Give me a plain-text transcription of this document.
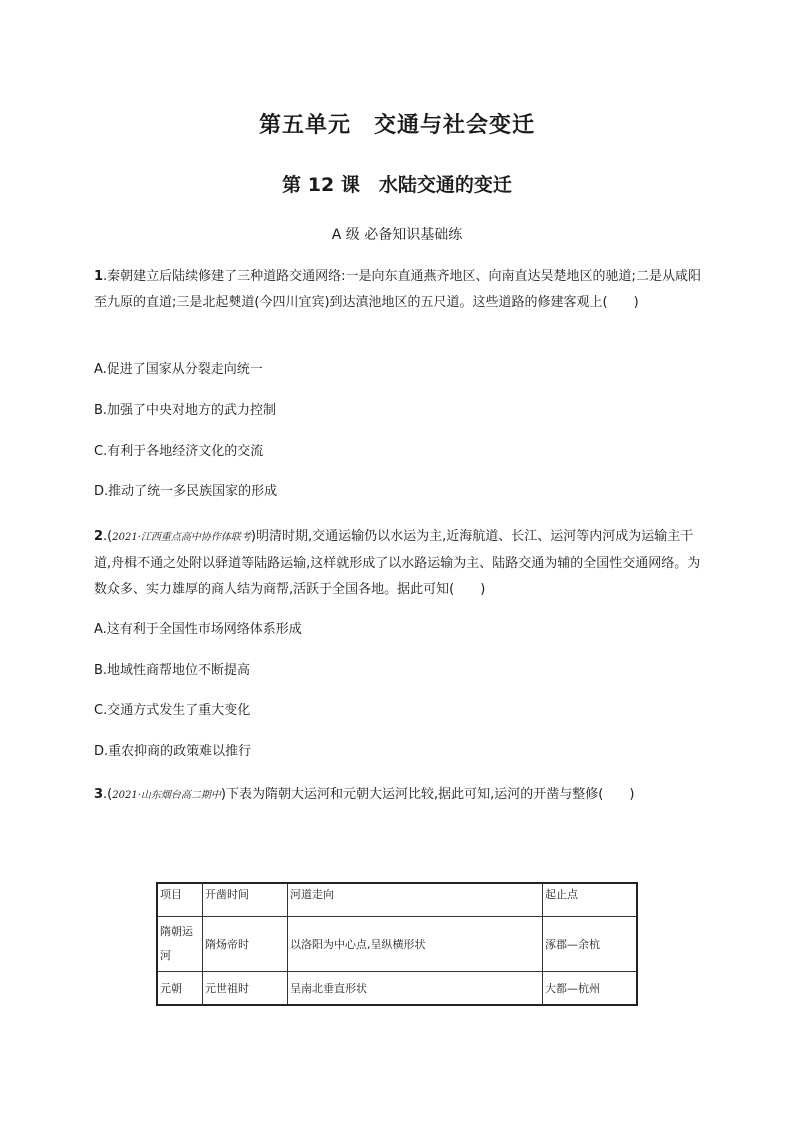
第五单元　交通与社会变迁
第 12 课　水陆交通的变迁
A 级 必备知识基础练
1.秦朝建立后陆续修建了三种道路交通网络:一是向东直通燕齐地区、向南直达吴楚地区的驰道;二是从咸阳至九原的直道;三是北起僰道(今四川宜宾)到达滇池地区的五尺道。这些道路的修建客观上(　　)
A.促进了国家从分裂走向统一
B.加强了中央对地方的武力控制
C.有利于各地经济文化的交流
D.推动了统一多民族国家的形成
2.(2021·江西重点高中协作体联考)明清时期,交通运输仍以水运为主,近海航道、长江、运河等内河成为运输主干道,舟楫不通之处附以驿道等陆路运输,这样就形成了以水路运输为主、陆路交通为辅的全国性交通网络。为数众多、实力雄厚的商人结为商帮,活跃于全国各地。据此可知(　　)
A.这有利于全国性市场网络体系形成
B.地域性商帮地位不断提高
C.交通方式发生了重大变化
D.重农抑商的政策难以推行
3.(2021·山东烟台高二期中)下表为隋朝大运河和元朝大运河比较,据此可知,运河的开凿与整修(　　)
项目	开凿时间	河道走向	起止点
隋朝运河	隋炀帝时	以洛阳为中心点,呈纵横形状	涿郡—余杭
元朝	元世祖时	呈南北垂直形状	大都—杭州
